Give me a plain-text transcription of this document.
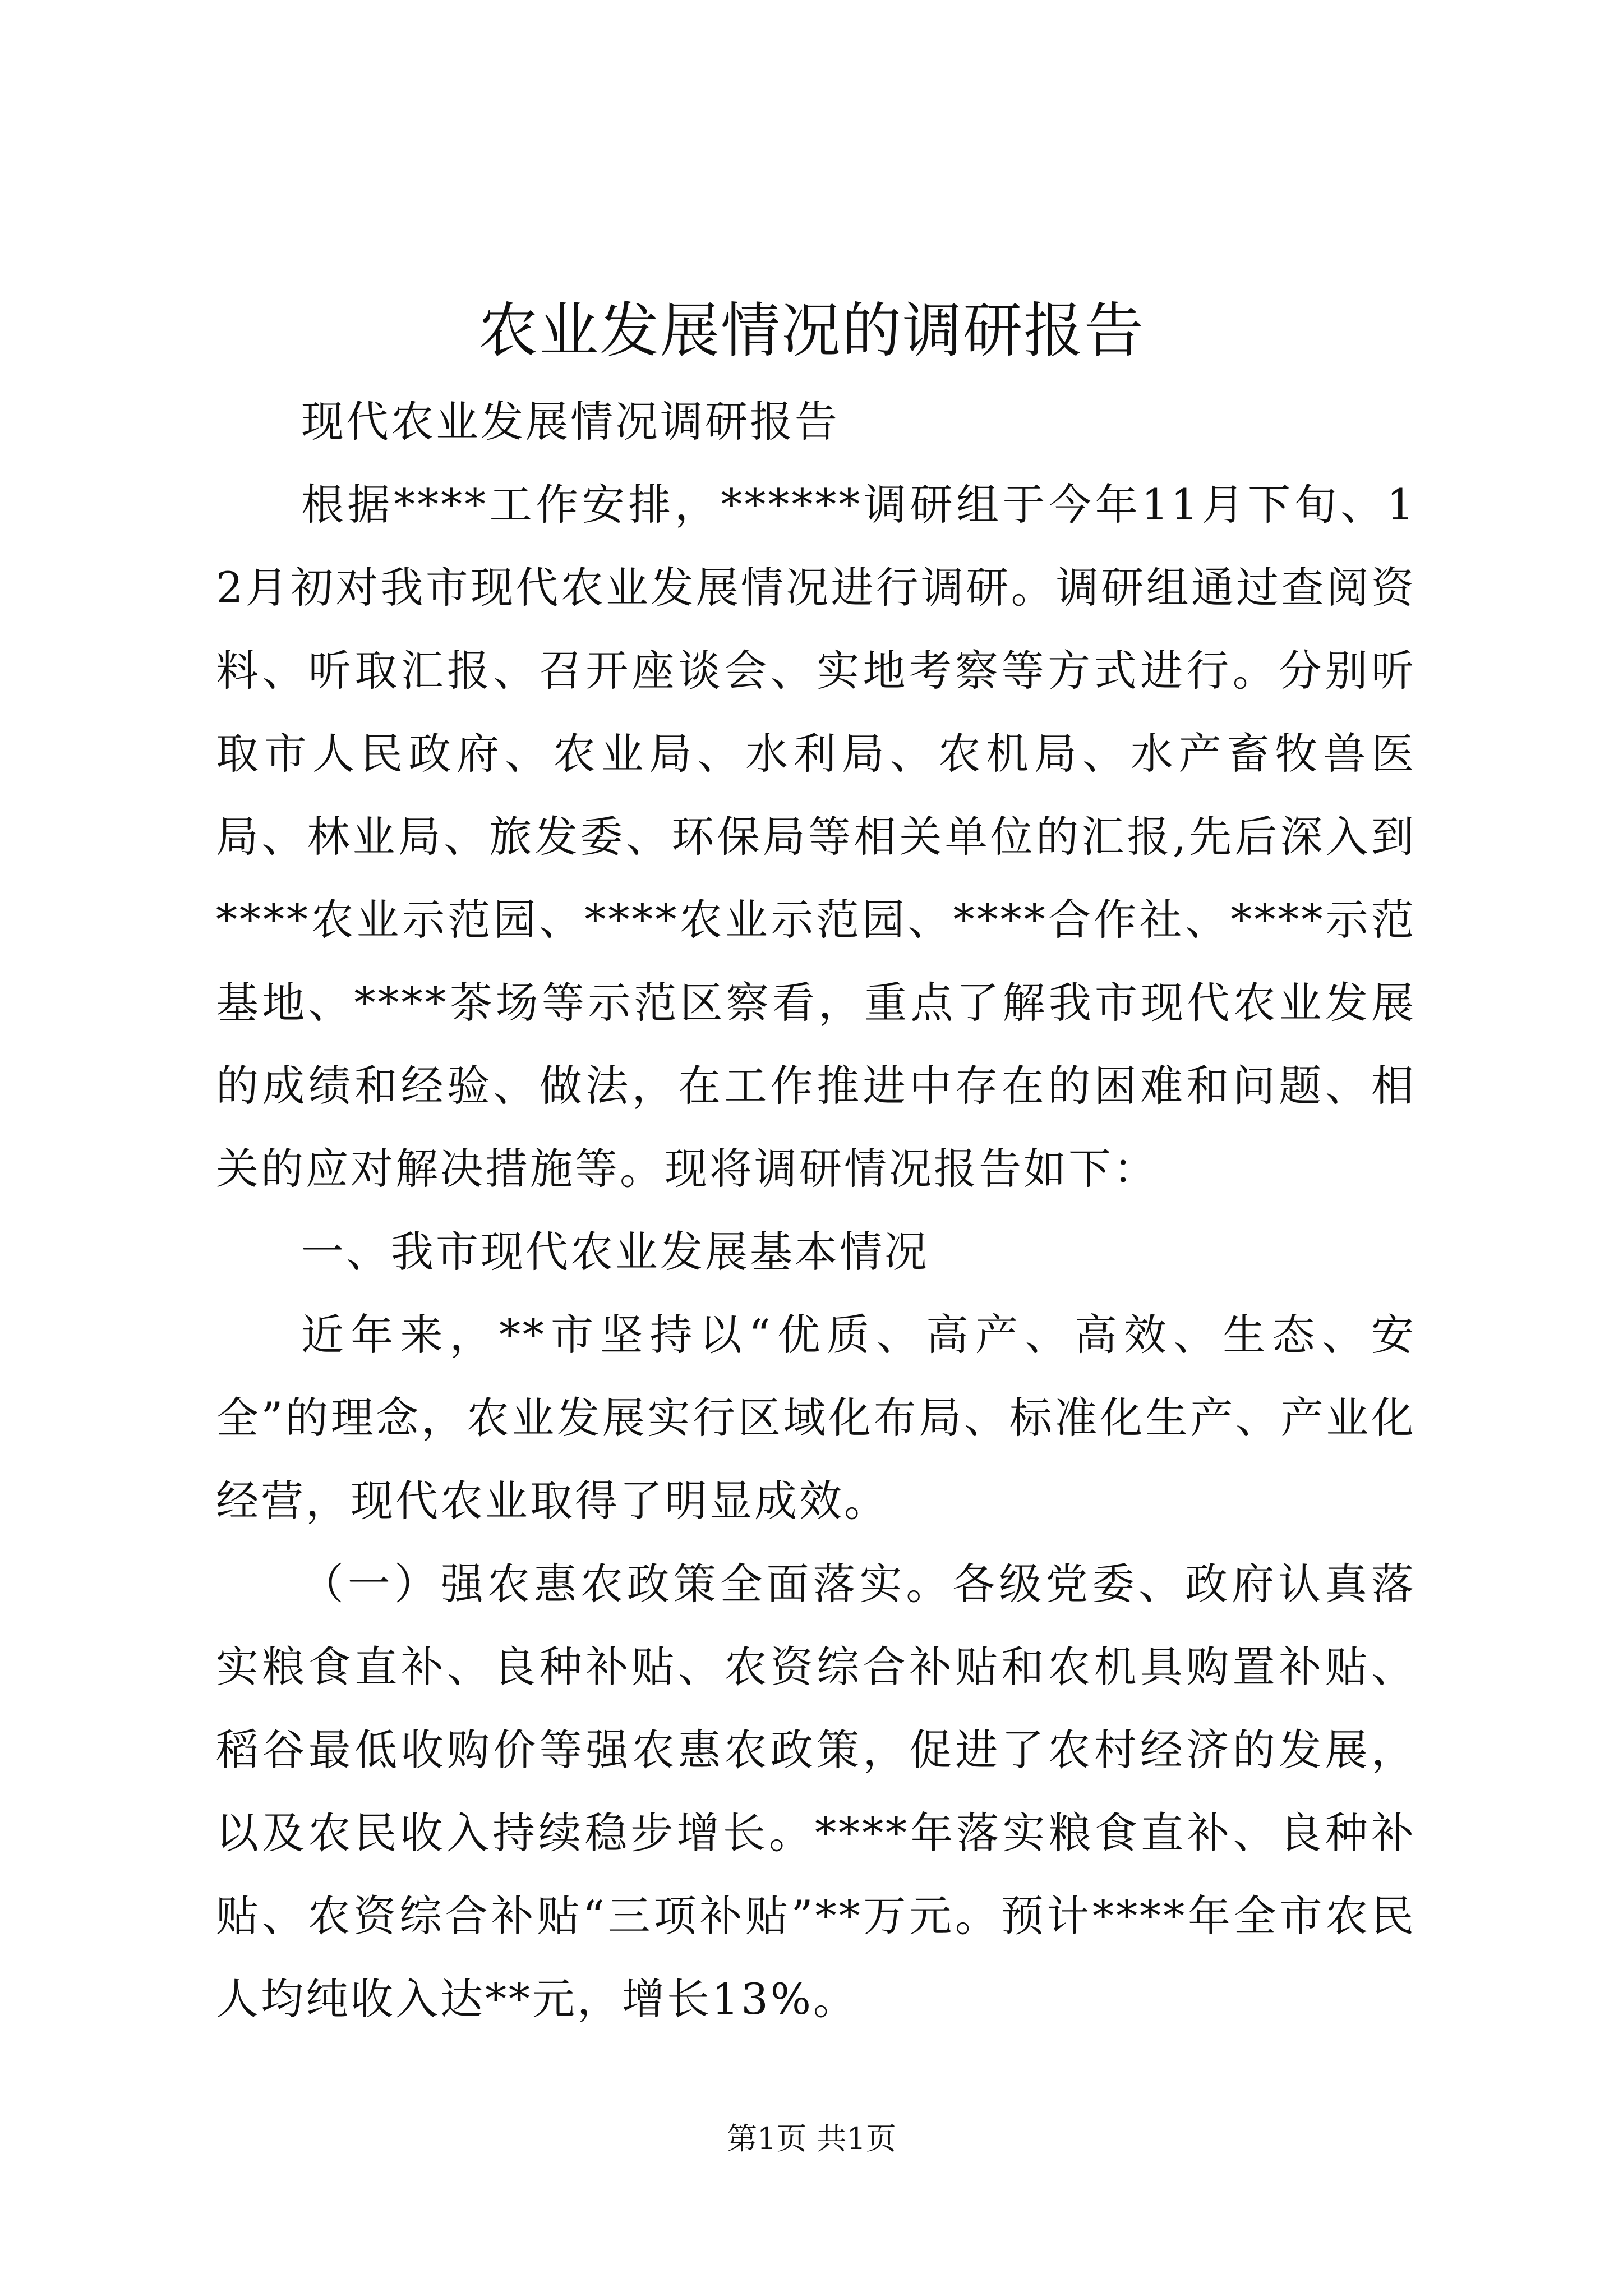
农业发展情况的调研报告

现代农业发展情况调研报告

根据****工作安排，******调研组于今年11月下旬、12月初对我市现代农业发展情况进行调研。调研组通过查阅资料、听取汇报、召开座谈会、实地考察等方式进行。分别听取市人民政府、农业局、水利局、农机局、水产畜牧兽医局、林业局、旅发委、环保局等相关单位的汇报,先后深入到****农业示范园、****农业示范园、****合作社、****示范基地、****茶场等示范区察看，重点了解我市现代农业发展的成绩和经验、做法，在工作推进中存在的困难和问题、相关的应对解决措施等。现将调研情况报告如下：

一、我市现代农业发展基本情况

近年来，**市坚持以“优质、高产、高效、生态、安全”的理念，农业发展实行区域化布局、标准化生产、产业化经营，现代农业取得了明显成效。

（一）强农惠农政策全面落实。各级党委、政府认真落实粮食直补、良种补贴、农资综合补贴和农机具购置补贴、稻谷最低收购价等强农惠农政策，促进了农村经济的发展，以及农民收入持续稳步增长。****年落实粮食直补、良种补贴、农资综合补贴“三项补贴”**万元。预计****年全市农民人均纯收入达**元，增长13%。

第1页 共1页
